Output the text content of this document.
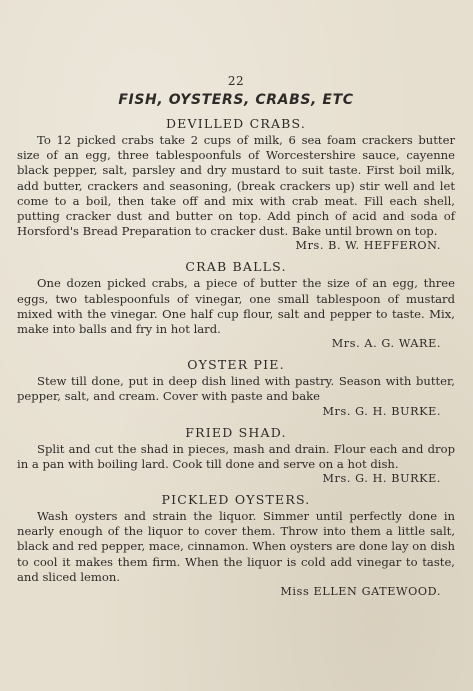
22
FISH, OYSTERS, CRABS, ETC
DEVILLED CRABS.

To 12 picked crabs take 2 cups of milk, 6 sea foam crackers butter size of an egg, three tablespoonfuls of Worcestershire sauce, cayenne black pepper, salt, parsley and dry mustard to suit taste. First boil milk, add butter, crackers and seasoning, (break crackers up) stir well and let come to a boil, then take off and mix with crab meat. Fill each shell, putting cracker dust and butter on top. Add pinch of acid and soda of Horsford's Bread Preparation to cracker dust. Bake until brown on top.

Mrs. B. W. HEFFERON.
CRAB BALLS.

One dozen picked crabs, a piece of butter the size of an egg, three eggs, two tablespoonfuls of vinegar, one small tablespoon of mustard mixed with the vinegar. One half cup flour, salt and pepper to taste. Mix, make into balls and fry in hot lard.

Mrs. A. G. WARE.
OYSTER PIE.

Stew till done, put in deep dish lined with pastry. Season with butter, pepper, salt, and cream. Cover with paste and bake

Mrs. G. H. BURKE.
FRIED SHAD.

Split and cut the shad in pieces, mash and drain. Flour each and drop in a pan with boiling lard. Cook till done and serve on a hot dish.

Mrs. G. H. BURKE.
PICKLED OYSTERS.

Wash oysters and strain the liquor. Simmer until perfectly done in nearly enough of the liquor to cover them. Throw into them a little salt, black and red pepper, mace, cinnamon. When oysters are done lay on dish to cool it makes them firm. When the liquor is cold add vinegar to taste, and sliced lemon.

Miss ELLEN GATEWOOD.
